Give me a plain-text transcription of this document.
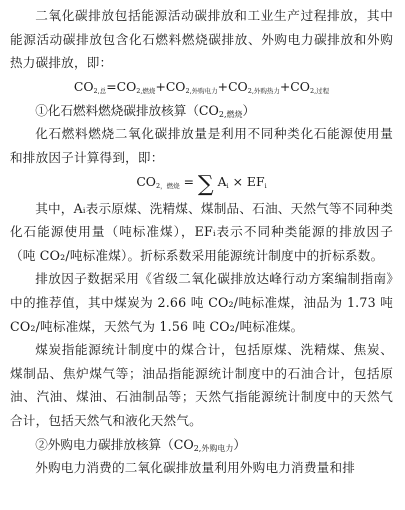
二氧化碳排放包括能源活动碳排放和工业生产过程排放，其中能源活动碳排放包含化石燃料燃烧碳排放、外购电力碳排放和外购热力碳排放，即：

$CO_{2,总}=CO_{2,燃烧}+CO_{2,外购电力}+CO_{2,外购热力}+CO_{2,过程}$

①化石燃料燃烧碳排放核算$(CO_{2,燃烧})$

化石燃料燃烧二氧化碳排放量是利用不同种类化石能源使用量和排放因子计算得到，即：

$CO_{2,燃烧}$ = ∑ $A_i \times EF_i$

其中，Aᵢ表示原煤、洗精煤、煤制品、石油、天然气等不同种类化石能源使用量（吨标准煤），EFᵢ表示不同种类能源的排放因子（吨 CO₂/吨标准煤）。折标系数采用能源统计制度中的折标系数。

排放因子数据采用《省级二氧化碳排放达峰行动方案编制指南》中的推荐值，其中煤炭为 2.66 吨 CO₂/吨标准煤，油品为 1.73 吨 CO₂/吨标准煤，天然气为 1.56 吨 CO₂/吨标准煤。

煤炭指能源统计制度中的煤合计，包括原煤、洗精煤、焦炭、煤制品、焦炉煤气等；油品指能源统计制度中的石油合计，包括原油、汽油、煤油、石油制品等；天然气指能源统计制度中的天然气合计，包括天然气和液化天然气。

②外购电力碳排放核算$(CO_{2,外购电力})$

外购电力消费的二氧化碳排放量利用外购电力消费量和排
